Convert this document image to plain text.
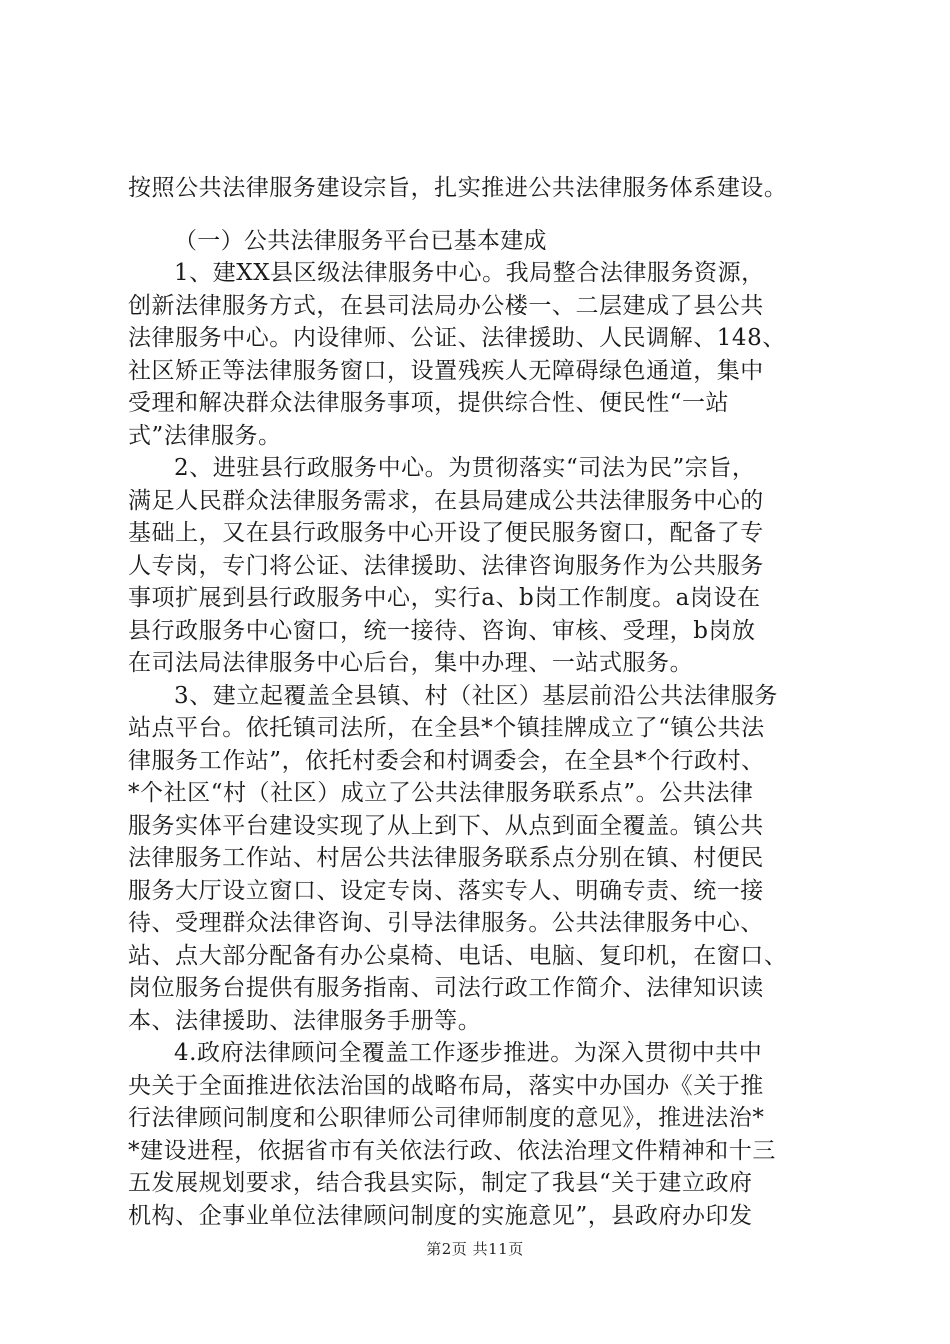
按照公共法律服务建设宗旨，扎实推进公共法律服务体系建设。
（一）公共法律服务平台已基本建成
1、建XX县区级法律服务中心。我局整合法律服务资源，
创新法律服务方式，在县司法局办公楼一、二层建成了县公共
法律服务中心。内设律师、公证、法律援助、人民调解、148、
社区矫正等法律服务窗口，设置残疾人无障碍绿色通道，集中
受理和解决群众法律服务事项，提供综合性、便民性“一站
式”法律服务。
2、进驻县行政服务中心。为贯彻落实“司法为民”宗旨，
满足人民群众法律服务需求，在县局建成公共法律服务中心的
基础上，又在县行政服务中心开设了便民服务窗口，配备了专
人专岗，专门将公证、法律援助、法律咨询服务作为公共服务
事项扩展到县行政服务中心，实行a、b岗工作制度。a岗设在
县行政服务中心窗口，统一接待、咨询、审核、受理，b岗放
在司法局法律服务中心后台，集中办理、一站式服务。
3、建立起覆盖全县镇、村（社区）基层前沿公共法律服务
站点平台。依托镇司法所，在全县*个镇挂牌成立了“镇公共法
律服务工作站”，依托村委会和村调委会，在全县*个行政村、
*个社区“村（社区）成立了公共法律服务联系点”。公共法律
服务实体平台建设实现了从上到下、从点到面全覆盖。镇公共
法律服务工作站、村居公共法律服务联系点分别在镇、村便民
服务大厅设立窗口、设定专岗、落实专人、明确专责、统一接
待、受理群众法律咨询、引导法律服务。公共法律服务中心、
站、点大部分配备有办公桌椅、电话、电脑、复印机，在窗口、
岗位服务台提供有服务指南、司法行政工作简介、法律知识读
本、法律援助、法律服务手册等。
4.政府法律顾问全覆盖工作逐步推进。为深入贯彻中共中
央关于全面推进依法治国的战略布局，落实中办国办《关于推
行法律顾问制度和公职律师公司律师制度的意见》，推进法治*
*建设进程，依据省市有关依法行政、依法治理文件精神和十三
五发展规划要求，结合我县实际，制定了我县“关于建立政府
机构、企事业单位法律顾问制度的实施意见”，县政府办印发
第2页 共11页
